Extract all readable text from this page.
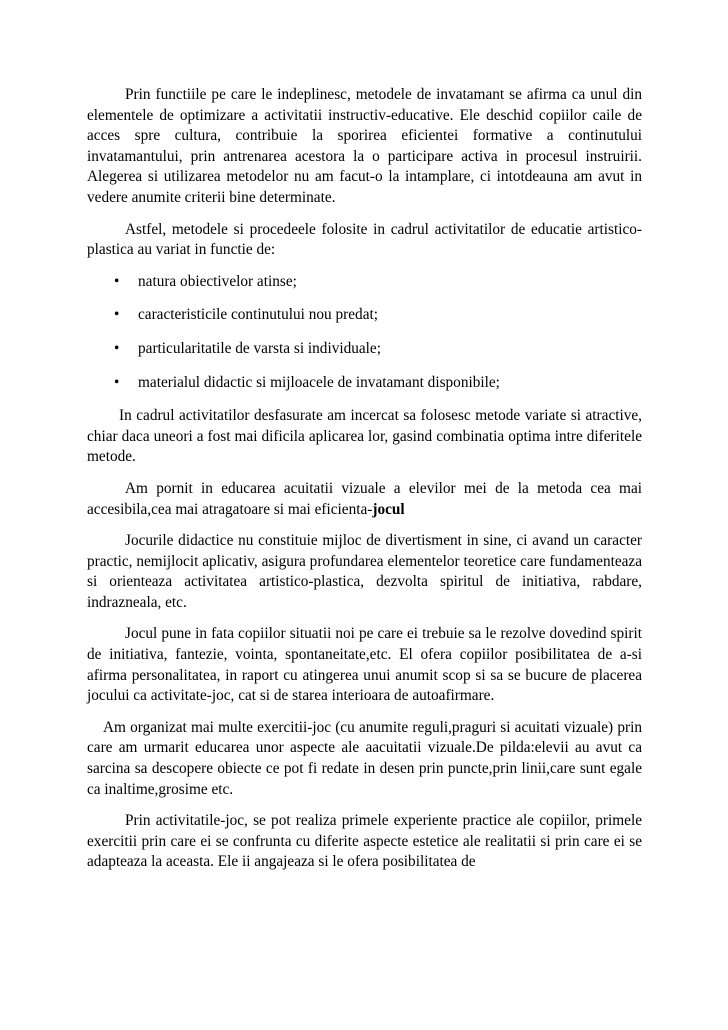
Prin functiile pe care le indeplinesc, metodele de invatamant se afirma ca unul din elementele de optimizare a activitatii instructiv-educative. Ele deschid copiilor caile de acces spre cultura, contribuie la sporirea eficientei formative a continutului invatamantului, prin antrenarea acestora la o participare activa in procesul instruirii. Alegerea si utilizarea metodelor nu am facut-o la intamplare, ci intotdeauna am avut in vedere anumite criterii bine determinate.

Astfel, metodele si procedeele folosite in cadrul activitatilor de educatie artistico-plastica au variat in functie de:

• natura obiectivelor atinse;
• caracteristicile continutului nou predat;
• particularitatile de varsta si individuale;
• materialul didactic si mijloacele de invatamant disponibile;

In cadrul activitatilor desfasurate am incercat sa folosesc metode variate si atractive, chiar daca uneori a fost mai dificila aplicarea lor, gasind combinatia optima intre diferitele metode.

Am pornit in educarea acuitatii vizuale a elevilor mei de la metoda cea mai accesibila,cea mai atragatoare si mai eficienta-jocul

Jocurile didactice nu constituie mijloc de divertisment in sine, ci avand un caracter practic, nemijlocit aplicativ, asigura profundarea elementelor teoretice care fundamenteaza si orienteaza activitatea artistico-plastica, dezvolta spiritul de initiativa, rabdare, indrazneala, etc.

Jocul pune in fata copiilor situatii noi pe care ei trebuie sa le rezolve dovedind spirit de initiativa, fantezie, vointa, spontaneitate,etc. El ofera copiilor posibilitatea de a-si afirma personalitatea, in raport cu atingerea unui anumit scop si sa se bucure de placerea jocului ca activitate-joc, cat si de starea interioara de autoafirmare.

Am organizat mai multe exercitii-joc (cu anumite reguli,praguri si acuitati vizuale) prin care am urmarit educarea unor aspecte ale aacuitatii vizuale.De pilda:elevii au avut ca sarcina sa descopere obiecte ce pot fi redate in desen prin puncte,prin linii,care sunt egale ca inaltime,grosime etc.

Prin activitatile-joc, se pot realiza primele experiente practice ale copiilor, primele exercitii prin care ei se confrunta cu diferite aspecte estetice ale realitatii si prin care ei se adapteaza la aceasta. Ele ii angajeaza si le ofera posibilitatea de
